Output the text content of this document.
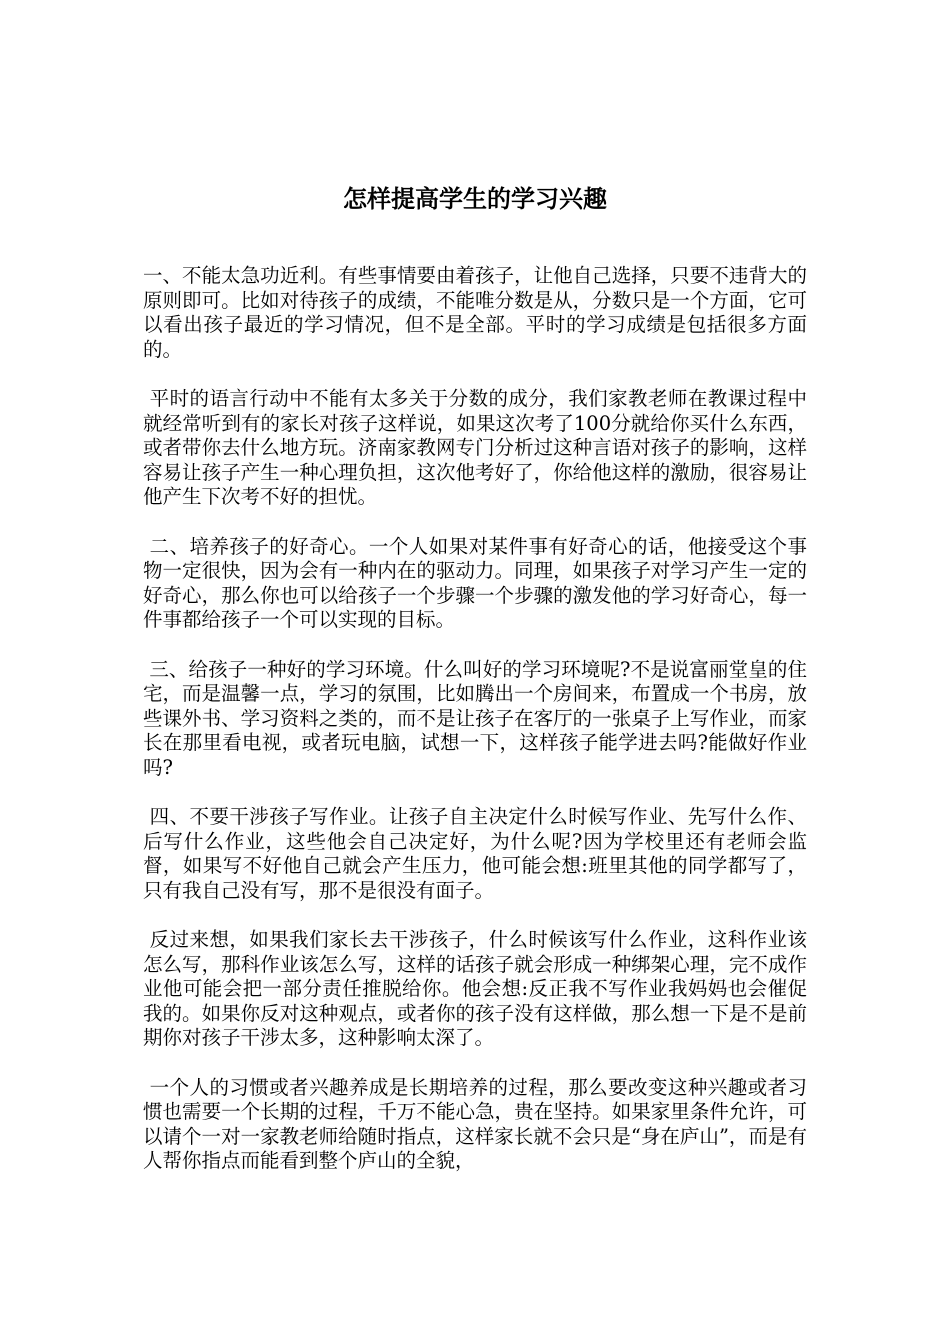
怎样提高学生的学习兴趣

一、不能太急功近利。有些事情要由着孩子，让他自己选择，只要不违背大的原则即可。比如对待孩子的成绩，不能唯分数是从，分数只是一个方面，它可以看出孩子最近的学习情况，但不是全部。平时的学习成绩是包括很多方面的。

平时的语言行动中不能有太多关于分数的成分，我们家教老师在教课过程中就经常听到有的家长对孩子这样说，如果这次考了100分就给你买什么东西，或者带你去什么地方玩。济南家教网专门分析过这种言语对孩子的影响，这样容易让孩子产生一种心理负担，这次他考好了，你给他这样的激励，很容易让他产生下次考不好的担忧。

二、培养孩子的好奇心。一个人如果对某件事有好奇心的话，他接受这个事物一定很快，因为会有一种内在的驱动力。同理，如果孩子对学习产生一定的好奇心，那么你也可以给孩子一个步骤一个步骤的激发他的学习好奇心，每一件事都给孩子一个可以实现的目标。

三、给孩子一种好的学习环境。什么叫好的学习环境呢?不是说富丽堂皇的住宅，而是温馨一点，学习的氛围，比如腾出一个房间来，布置成一个书房，放些课外书、学习资料之类的，而不是让孩子在客厅的一张桌子上写作业，而家长在那里看电视，或者玩电脑，试想一下，这样孩子能学进去吗?能做好作业吗?

四、不要干涉孩子写作业。让孩子自主决定什么时候写作业、先写什么作、后写什么作业，这些他会自己决定好，为什么呢?因为学校里还有老师会监督，如果写不好他自己就会产生压力，他可能会想:班里其他的同学都写了，只有我自己没有写，那不是很没有面子。

反过来想，如果我们家长去干涉孩子，什么时候该写什么作业，这科作业该怎么写，那科作业该怎么写，这样的话孩子就会形成一种绑架心理，完不成作业他可能会把一部分责任推脱给你。他会想:反正我不写作业我妈妈也会催促我的。如果你反对这种观点，或者你的孩子没有这样做，那么想一下是不是前期你对孩子干涉太多，这种影响太深了。

一个人的习惯或者兴趣养成是长期培养的过程，那么要改变这种兴趣或者习惯也需要一个长期的过程，千万不能心急，贵在坚持。如果家里条件允许，可以请个一对一家教老师给随时指点，这样家长就不会只是“身在庐山”，而是有人帮你指点而能看到整个庐山的全貌，
